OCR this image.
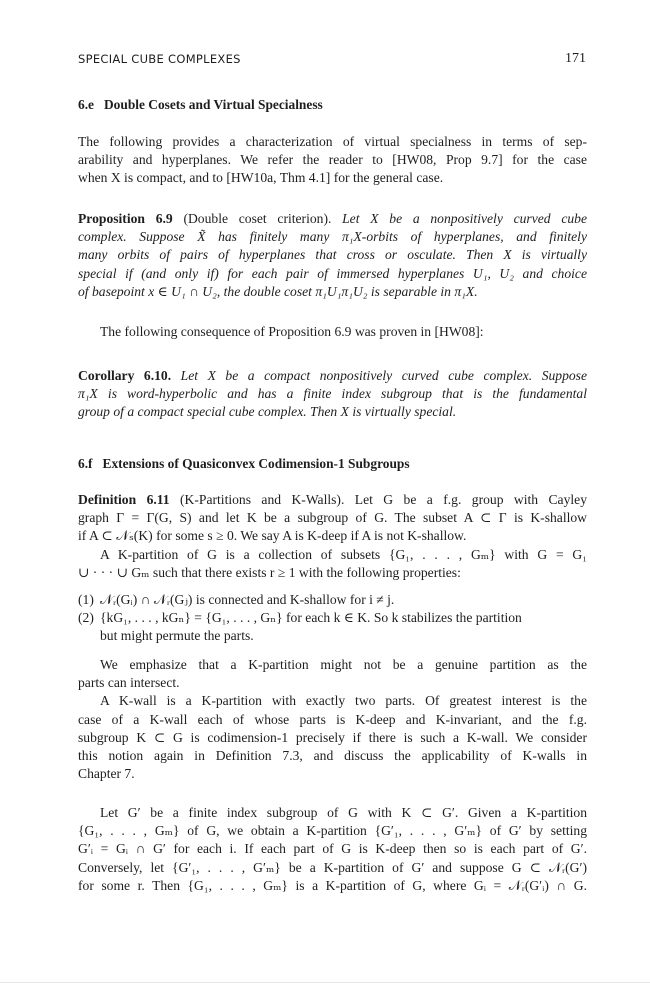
SPECIAL CUBE COMPLEXES	171
6.e Double Cosets and Virtual Specialness
The following provides a characterization of virtual specialness in terms of sep-
arability and hyperplanes. We refer the reader to [HW08, Prop 9.7] for the case
when X is compact, and to [HW10a, Thm 4.1] for the general case.
Proposition 6.9 (Double coset criterion). Let X be a nonpositively curved cube
complex. Suppose X̃ has finitely many π₁X-orbits of hyperplanes, and finitely
many orbits of pairs of hyperplanes that cross or osculate. Then X is virtually
special if (and only if) for each pair of immersed hyperplanes U₁, U₂ and choice
of basepoint x ∈ U₁ ∩ U₂, the double coset π₁U₁π₁U₂ is separable in π₁X.
The following consequence of Proposition 6.9 was proven in [HW08]:
Corollary 6.10. Let X be a compact nonpositively curved cube complex. Suppose
π₁X is word-hyperbolic and has a finite index subgroup that is the fundamental
group of a compact special cube complex. Then X is virtually special.
6.f Extensions of Quasiconvex Codimension-1 Subgroups
Definition 6.11 (K-Partitions and K-Walls). Let G be a f.g. group with Cayley
graph Γ = Γ(G, S) and let K be a subgroup of G. The subset A ⊂ Γ is K-shallow
if A ⊂ 𝒩ₛ(K) for some s ≥ 0. We say A is K-deep if A is not K-shallow.
A K-partition of G is a collection of subsets {G₁, . . . , Gₘ} with G = G₁
∪ · · · ∪ Gₘ such that there exists r ≥ 1 with the following properties:
(1) 𝒩ᵣ(Gᵢ) ∩ 𝒩ᵣ(Gⱼ) is connected and K-shallow for i ≠ j.
(2) {kG₁, . . . , kGₙ} = {G₁, . . . , Gₙ} for each k ∈ K. So k stabilizes the partition
but might permute the parts.
We emphasize that a K-partition might not be a genuine partition as the
parts can intersect.
A K-wall is a K-partition with exactly two parts. Of greatest interest is the
case of a K-wall each of whose parts is K-deep and K-invariant, and the f.g.
subgroup K ⊂ G is codimension-1 precisely if there is such a K-wall. We consider
this notion again in Definition 7.3, and discuss the applicability of K-walls in
Chapter 7.
Let G′ be a finite index subgroup of G with K ⊂ G′. Given a K-partition
{G₁, . . . , Gₘ} of G, we obtain a K-partition {G′₁, . . . , G′ₘ} of G′ by setting
G′ᵢ = Gᵢ ∩ G′ for each i. If each part of G is K-deep then so is each part of G′.
Conversely, let {G′₁, . . . , G′ₘ} be a K-partition of G′ and suppose G ⊂ 𝒩ᵣ(G′)
for some r. Then {G₁, . . . , Gₘ} is a K-partition of G, where Gᵢ = 𝒩ᵣ(G′ᵢ) ∩ G.
